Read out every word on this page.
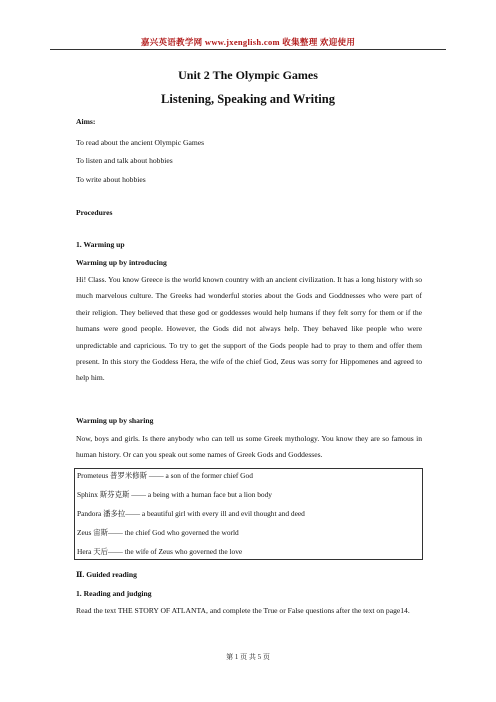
嘉兴英语教学网 www.jxenglish.com 收集整理 欢迎使用
Unit 2 The Olympic Games
Listening, Speaking and Writing
Aims:
To read about the ancient Olympic Games
To listen and talk about hobbies
To write about hobbies
Procedures
1. Warming up
Warming up by introducing
Hi! Class. You know Greece is the world known country with an ancient civilization. It has a long history with so much marvelous culture. The Greeks had wonderful stories about the Gods and Goddnesses who were part of their religion. They believed that these god or goddesses would help humans if they felt sorry for them or if the humans were good people. However, the Gods did not always help. They behaved like people who were unpredictable and capricious. To try to get the support of the Gods people had to pray to them and offer them present. In this story the Goddess Hera, the wife of the chief God, Zeus was sorry for Hippomenes and agreed to help him.
Warming up by sharing
Now, boys and girls. Is there anybody who can tell us some Greek mythology. You know they are so famous in human history. Or can you speak out some names of Greek Gods and Goddesses.
Prometeus 普罗米修斯 —— a son of the former chief God
Sphinx 斯芬克斯 —— a being with a human face but a lion body
Pandora 潘多拉—— a beautiful girl with every ill and evil thought and deed
Zeus 宙斯—— the chief God who governed the world
Hera 天后—— the wife of Zeus who governed the love
Ⅱ. Guided reading
1. Reading and judging
Read the text THE STORY OF ATLANTA, and complete the True or False questions after the text on page14.
第 1 页 共 5 页
